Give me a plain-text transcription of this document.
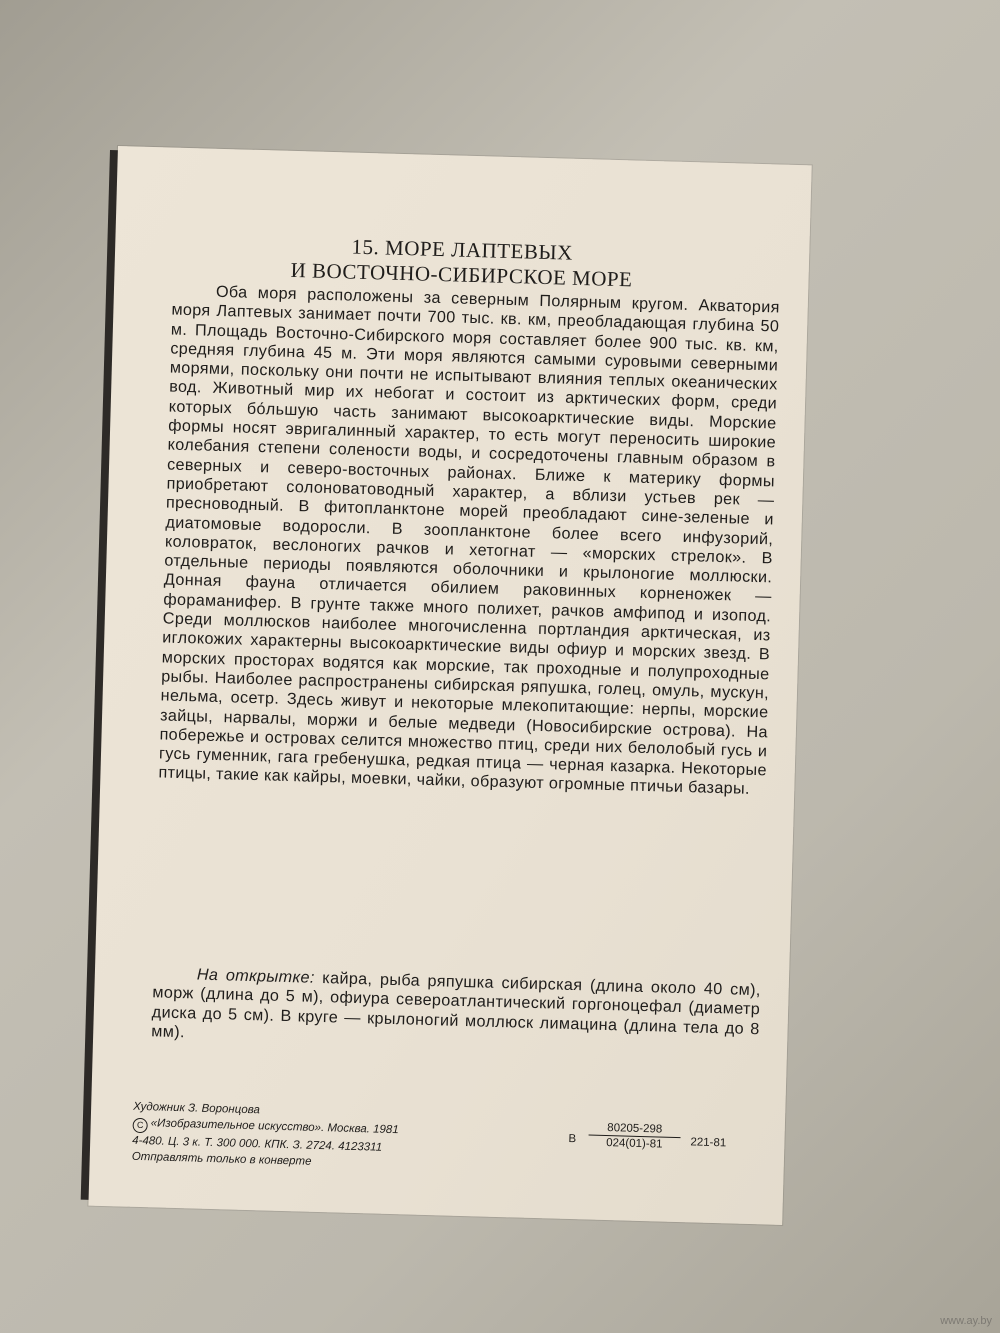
15. МОРЕ ЛАПТЕВЫХ
И ВОСТОЧНО-СИБИРСКОЕ МОРЕ

Оба моря расположены за северным Полярным кругом. Акватория моря Лаптевых занимает почти 700 тыс. кв. км, преобладающая глубина 50 м. Площадь Восточно-Сибирского моря составляет более 900 тыс. кв. км, средняя глубина 45 м. Эти моря являются самыми суровыми северными морями, поскольку они почти не испытывают влияния теплых океанических вод. Животный мир их небогат и состоит из арктических форм, среди которых бо́льшую часть занимают высокоарктические виды. Морские формы носят эвригалинный характер, то есть могут переносить широкие колебания степени солености воды, и сосредоточены главным образом в северных и северо-восточных районах. Ближе к материку формы приобретают солоноватоводный характер, а вблизи устьев рек — пресноводный. В фитопланктоне морей преобладают сине-зеленые и диатомовые водоросли. В зоопланктоне более всего инфузорий, коловраток, веслоногих рачков и хетогнат — «морских стрелок». В отдельные периоды появляются оболочники и крылоногие моллюски. Донная фауна отличается обилием раковинных корненожек — фораманифер. В грунте также много полихет, рачков амфипод и изопод. Среди моллюсков наиболее многочисленна портландия арктическая, из иглокожих характерны высокоарктические виды офиур и морских звезд. В морских просторах водятся как морские, так проходные и полупроходные рыбы. Наиболее распространены сибирская ряпушка, голец, омуль, мускун, нельма, осетр. Здесь живут и некоторые млекопитающие: нерпы, морские зайцы, нарвалы, моржи и белые медведи (Новосибирские острова). На побережье и островах селится множество птиц, среди них белолобый гусь и гусь гуменник, гага гребенушка, редкая птица — черная казарка. Некоторые птицы, такие как кайры, моевки, чайки, образуют огромные птичьи базары.

На открытке: кайра, рыба ряпушка сибирская (длина около 40 см), морж (длина до 5 м), офиура североатлантический горгоноцефал (диаметр диска до 5 см). В круге — крылоногий моллюск лимацина (длина тела до 8 мм).

Художник З. Воронцова
C «Изобразительное искусство». Москва. 1981
4-480. Ц. 3 к. Т. 300 000. КПК. З. 2724. 4123311
Отправлять только в конверте
В $\frac{80205-298}{024(01)-81} 221-81$
www.ay.by
